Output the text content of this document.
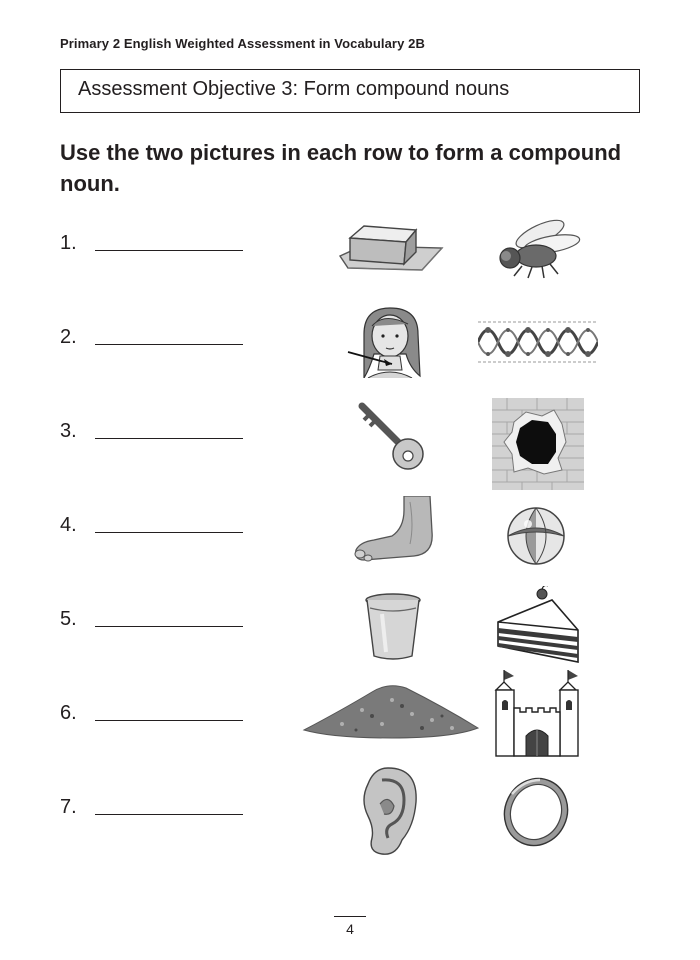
Primary 2 English Weighted Assessment in Vocabulary 2B
Assessment Objective 3: Form compound nouns
Use the two pictures in each row to form a compound noun.
1.
2.
3.
4.
5.
6.
7.
4
